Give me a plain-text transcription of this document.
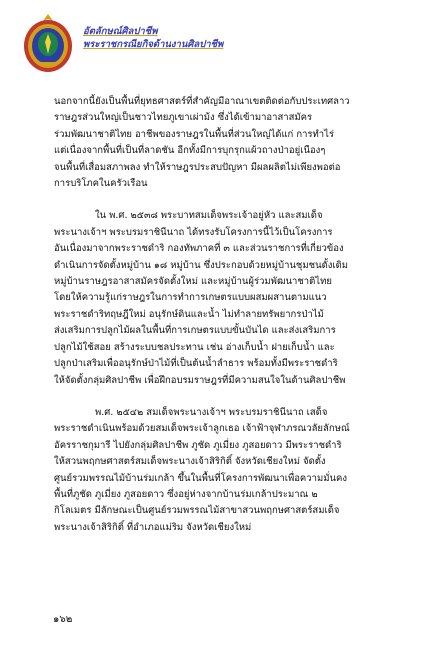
อัตลักษณ์ศิลปาชีพ
พระราชกรณียกิจด้านงานศิลปาชีพ
นอกจากนี้ยังเป็นพื้นที่ยุทธศาสตร์ที่สำคัญมีอาณาเขตติดต่อกับประเทศลาว
ราษฎรส่วนใหญ่เป็นชาวไทยภูเขาเผ่าม้ง ซึ่งได้เข้ามาอาสาสมัคร
ร่วมพัฒนาชาติไทย อาชีพของราษฎรในพื้นที่ส่วนใหญ่ได้แก่ การทำไร่
แต่เนื่องจากพื้นที่เป็นที่ลาดชัน อีกทั้งมีการบุกรุกแผ้วถางป่าอยู่เนืองๆ
จนพื้นที่เสื่อมสภาพลง ทำให้ราษฎรประสบปัญหา มีผลผลิตไม่เพียงพอต่อ
การบริโภคในครัวเรือน
ใน พ.ศ. ๒๕๓๘ พระบาทสมเด็จพระเจ้าอยู่หัว และสมเด็จ
พระนางเจ้าฯ พระบรมราชินีนาถ ได้ทรงรับโครงการนี้ไว้เป็นโครงการ
อันเนื่องมาจากพระราชดำริ กองทัพภาคที่ ๓ และส่วนราชการที่เกี่ยวข้อง
ดำเนินการจัดตั้งหมู่บ้าน ๑๘ หมู่บ้าน ซึ่งประกอบด้วยหมู่บ้านชุมชนดั้งเดิม
หมู่บ้านราษฎรอาสาสมัครจัดตั้งใหม่ และหมู่บ้านผู้ร่วมพัฒนาชาติไทย
โดยให้ความรู้แก่ราษฎรในการทำการเกษตรแบบผสมผสานตามแนว
พระราชดำริทฤษฎีใหม่ อนุรักษ์ดินและน้ำ ไม่ทำลายทรัพยากรป่าไม้
ส่งเสริมการปลูกไม้ผลในพื้นที่การเกษตรแบบขั้นบันได และส่งเสริมการ
ปลูกไม้ใช้สอย สร้างระบบชลประทาน เช่น อ่างเก็บน้ำ ฝายเก็บน้ำ และ
ปลูกป่าเสริมเพื่ออนุรักษ์ป่าไม้ที่เป็นต้นน้ำลำธาร พร้อมทั้งมีพระราชดำริ
ให้จัดตั้งกลุ่มศิลปาชีพ เพื่อฝึกอบรมราษฎรที่มีความสนใจในด้านศิลปาชีพ
พ.ศ. ๒๕๔๒ สมเด็จพระนางเจ้าฯ พระบรมราชินีนาถ เสด็จ
พระราชดำเนินพร้อมด้วยสมเด็จพระเจ้าลูกเธอ เจ้าฟ้าจุฬาภรณวลัยลักษณ์
อัครราชกุมารี ไปยังกลุ่มศิลปาชีพ ภูชัด ภูเมี่ยง ภูสอยดาว มีพระราชดำริ
ให้สวนพฤกษศาสตร์สมเด็จพระนางเจ้าสิริกิติ์ จังหวัดเชียงใหม่ จัดตั้ง
ศูนย์รวมพรรณไม้บ้านร่มเกล้า ขึ้นในพื้นที่โครงการพัฒนาเพื่อความมั่นคง
พื้นที่ภูชัด ภูเมี่ยง ภูสอยดาว ซึ่งอยู่ห่างจากบ้านร่มเกล้าประมาณ ๒
กิโลเมตร มีลักษณะเป็นศูนย์รวมพรรณไม้สาขาสวนพฤกษศาสตร์สมเด็จ
พระนางเจ้าสิริกิติ์ ที่อำเภอแม่ริม จังหวัดเชียงใหม่
๑๖๒
